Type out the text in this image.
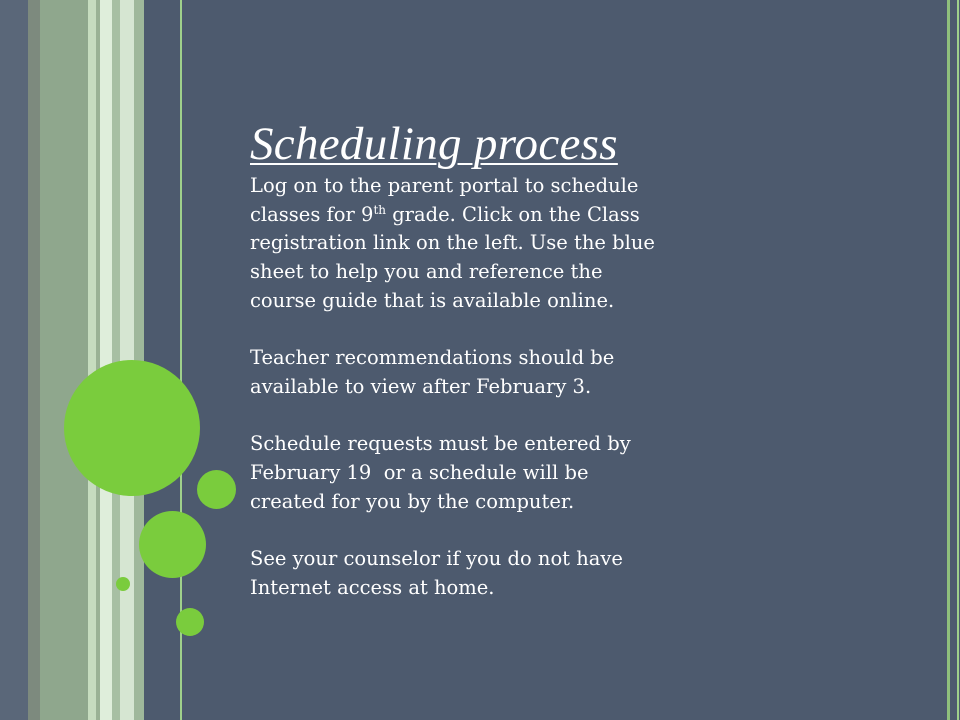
Scheduling process

Log on to the parent portal to schedule

classes for 9th grade. Click on the Class

registration link on the left. Use the blue

sheet to help you and reference the

course guide that is available online.

Teacher recommendations should be

available to view after February 3.

Schedule requests must be entered by

February 19  or a schedule will be

created for you by the computer.

See your counselor if you do not have

Internet access at home.
